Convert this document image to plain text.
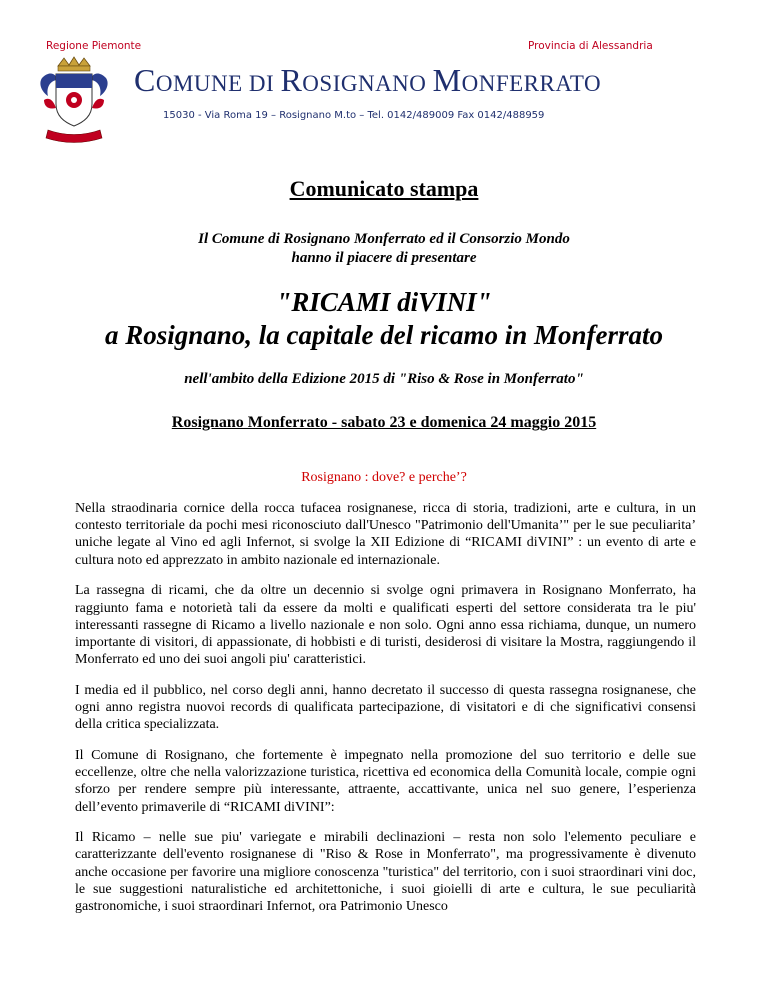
Regione Piemonte	Provincia di Alessandria
COMUNE DI ROSIGNANO MONFERRATO
15030 - Via Roma 19 – Rosignano M.to – Tel. 0142/489009 Fax 0142/488959
Comunicato stampa
Il Comune di Rosignano Monferrato ed il Consorzio Mondo
hanno il piacere di presentare
"RICAMI diVINI"
a Rosignano, la capitale del ricamo in Monferrato
nell'ambito della Edizione 2015 di "Riso & Rose in Monferrato"
Rosignano Monferrato - sabato 23 e domenica 24 maggio 2015
Rosignano : dove? e perche’?

Nella straodinaria cornice della rocca tufacea rosignanese, ricca di storia, tradizioni, arte e cultura, in un contesto territoriale da pochi mesi riconosciuto dall'Unesco "Patrimonio dell'Umanita’" per le sue peculiarita’ uniche legate al Vino ed agli Infernot, si svolge la XII Edizione di “RICAMI diVINI” : un evento di arte e cultura noto ed apprezzato in ambito nazionale ed internazionale.

La rassegna di ricami, che da oltre un decennio si svolge ogni primavera in Rosignano Monferrato, ha raggiunto fama e notorietà tali da essere da molti e qualificati esperti del settore considerata tra le piu' interessanti rassegne di Ricamo a livello nazionale e non solo. Ogni anno essa richiama, dunque, un numero importante di visitori, di appassionate, di hobbisti e di turisti, desiderosi di visitare la Mostra, raggiungendo il Monferrato ed uno dei suoi angoli piu' caratteristici.

I media ed il pubblico, nel corso degli anni, hanno decretato il successo di questa rassegna rosignanese, che ogni anno registra nuovoi records di qualificata partecipazione, di visitatori e di che significativi consensi della critica specializzata.

Il Comune di Rosignano, che fortemente è impegnato nella promozione del suo territorio e delle sue eccellenze, oltre che nella valorizzazione turistica, ricettiva ed economica della Comunità locale, compie ogni sforzo per rendere sempre più interessante, attraente, accattivante, unica nel suo genere, l’esperienza dell’evento primaverile di “RICAMI diVINI”:

Il Ricamo – nelle sue piu' variegate e mirabili declinazioni – resta non solo l'elemento peculiare e caratterizzante dell'evento rosignanese di "Riso & Rose in Monferrato", ma progressivamente è divenuto anche occasione per favorire una migliore conoscenza "turistica" del territorio, con i suoi straordinari vini doc, le sue suggestioni naturalistiche ed architettoniche, i suoi gioielli di arte e cultura, le sue peculiarità gastronomiche, i suoi straordinari Infernot, ora Patrimonio Unesco
